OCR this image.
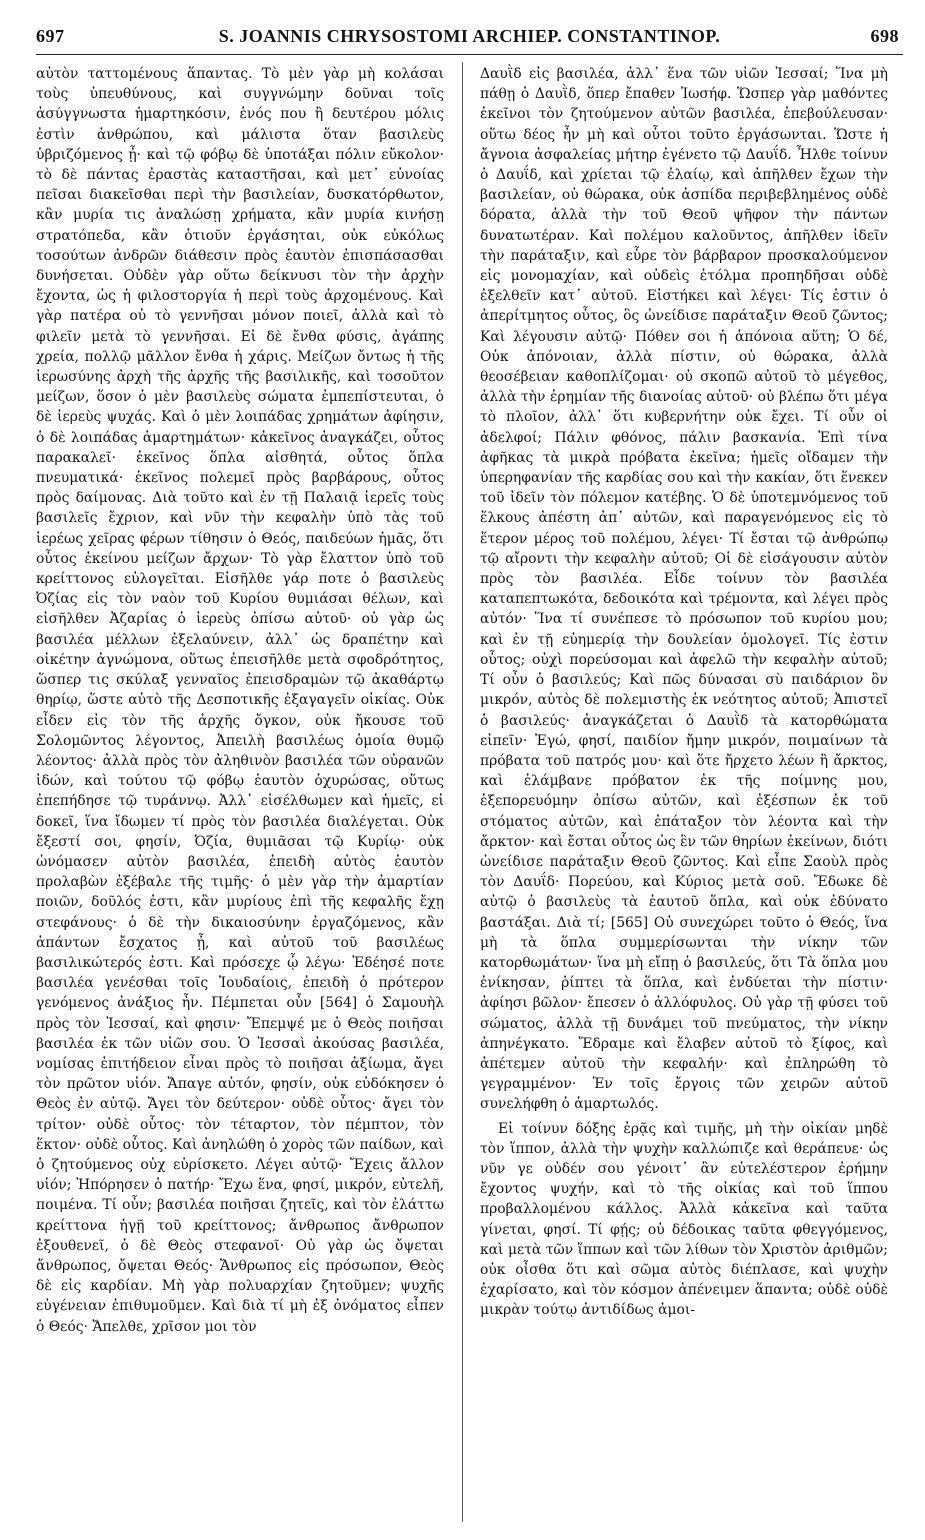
697	S. JOANNIS CHRYSOSTOMI ARCHIEP. CONSTANTINOP.	698

αὐτὸν ταττομένους ἅπαντας. Τὸ μὲν γὰρ μὴ κολάσαι τοὺς ὑπευθύνους, καὶ συγγνώμην δοῦναι τοῖς ἀσύγγνωστα ἡμαρτηκόσιν, ἑνός που ἢ δευτέρου μόλις ἐστὶν ἀνθρώπου, καὶ μάλιστα ὅταν βασιλεὺς ὑβριζόμενος ᾖ· καὶ τῷ φόβῳ δὲ ὑποτάξαι πόλιν εὔκολον· τὸ δὲ πάντας ἐραστὰς καταστῆσαι, καὶ μετ᾽ εὐνοίας πεῖσαι διακεῖσθαι περὶ τὴν βασιλείαν, δυσκατόρθωτον, κἂν μυρία τις ἀναλώσῃ χρήματα, κἂν μυρία κινήσῃ στρατόπεδα, κἂν ὁτιοῦν ἐργάσηται, οὐκ εὐκόλως τοσούτων ἀνδρῶν διάθεσιν πρὸς ἑαυτὸν ἐπισπάσασθαι δυνήσεται. Οὐδὲν γὰρ οὕτω δείκνυσι τὸν τὴν ἀρχὴν ἔχοντα, ὡς ἡ φιλοστοργία ἡ περὶ τοὺς ἀρχομένους. Καὶ γὰρ πατέρα οὐ τὸ γεννῆσαι μόνον ποιεῖ, ἀλλὰ καὶ τὸ φιλεῖν μετὰ τὸ γεννῆσαι. Εἰ δὲ ἔνθα φύσις, ἀγάπης χρεία, πολλῷ μᾶλλον ἔνθα ἡ χάρις. Μείζων ὄντως ἡ τῆς ἱερωσύνης ἀρχὴ τῆς ἀρχῆς τῆς βασιλικῆς, καὶ τοσοῦτον μείζων, ὅσον ὁ μὲν βασιλεὺς σώματα ἐμπεπίστευται, ὁ δὲ ἱερεὺς ψυχάς. Καὶ ὁ μὲν λοιπάδας χρημάτων ἀφίησιν, ὁ δὲ λοιπάδας ἁμαρτημάτων· κἀκεῖνος ἀναγκάζει, οὗτος παρακαλεῖ· ἐκεῖνος ὅπλα αἰσθητά, οὗτος ὅπλα πνευματικά· ἐκεῖνος πολεμεῖ πρὸς βαρβάρους, οὗτος πρὸς δαίμονας. Διὰ τοῦτο καὶ ἐν τῇ Παλαιᾷ ἱερεῖς τοὺς βασιλεῖς ἔχριον, καὶ νῦν τὴν κεφαλὴν ὑπὸ τὰς τοῦ ἱερέως χεῖρας φέρων τίθησιν ὁ Θεός, παιδεύων ἡμᾶς, ὅτι οὗτος ἐκείνου μείζων ἄρχων· Τὸ γὰρ ἔλαττον ὑπὸ τοῦ κρείττονος εὐλογεῖται. Εἰσῆλθε γάρ ποτε ὁ βασιλεὺς Ὀζίας εἰς τὸν ναὸν τοῦ Κυρίου θυμιάσαι θέλων, καὶ εἰσῆλθεν Ἀζαρίας ὁ ἱερεὺς ὀπίσω αὐτοῦ· οὐ γὰρ ὡς βασιλέα μέλλων ἐξελαύνειν, ἀλλ᾽ ὡς δραπέτην καὶ οἰκέτην ἀγνώμονα, οὕτως ἐπεισῆλθε μετὰ σφοδρότητος, ὥσπερ τις σκύλαξ γενναῖος ἐπεισδραμὼν τῷ ἀκαθάρτῳ θηρίῳ, ὥστε αὐτὸ τῆς Δεσποτικῆς ἐξαγαγεῖν οἰκίας. Οὐκ εἶδεν εἰς τὸν τῆς ἀρχῆς ὄγκον, οὐκ ἤκουσε τοῦ Σολομῶντος λέγοντος, Ἀπειλὴ βασιλέως ὁμοία θυμῷ λέοντος· ἀλλὰ πρὸς τὸν ἀληθινὸν βασιλέα τῶν οὐρανῶν ἰδών, καὶ τούτου τῷ φόβῳ ἑαυτὸν ὀχυρώσας, οὕτως ἐπεπήδησε τῷ τυράννῳ. Ἀλλ᾽ εἰσέλθωμεν καὶ ἡμεῖς, εἰ δοκεῖ, ἵνα ἴδωμεν τί πρὸς τὸν βασιλέα διαλέγεται. Οὐκ ἔξεστί σοι, φησίν, Ὀζία, θυμιᾶσαι τῷ Κυρίῳ· οὐκ ὠνόμασεν αὐτὸν βασιλέα, ἐπειδὴ αὐτὸς ἑαυτὸν προλαβὼν ἐξέβαλε τῆς τιμῆς· ὁ μὲν γὰρ τὴν ἁμαρτίαν ποιῶν, δοῦλός ἐστι, κἂν μυρίους ἐπὶ τῆς κεφαλῆς ἔχῃ στεφάνους· ὁ δὲ τὴν δικαιοσύνην ἐργαζόμενος, κἂν ἁπάντων ἔσχατος ᾖ, καὶ αὐτοῦ τοῦ βασιλέως βασιλικώτερός ἐστι. Καὶ πρόσεχε ᾧ λέγω· Ἐδέησέ ποτε βασιλέα γενέσθαι τοῖς Ἰουδαίοις, ἐπειδὴ ὁ πρότερον γενόμενος ἀνάξιος ἦν. Πέμπεται οὖν [564] ὁ Σαμουὴλ πρὸς τὸν Ἰεσσαί, καὶ φησιν· Ἔπεμψέ με ὁ Θεὸς ποιῆσαι βασιλέα ἐκ τῶν υἱῶν σου. Ὁ Ἰεσσαὶ ἀκούσας βασιλέα, νομίσας ἐπιτήδειον εἶναι πρὸς τὸ ποιῆσαι ἀξίωμα, ἄγει τὸν πρῶτον υἱόν. Ἄπαγε αὐτόν, φησίν, οὐκ εὐδόκησεν ὁ Θεὸς ἐν αὐτῷ. Ἄγει τὸν δεύτερον· οὐδὲ οὗτος· ἄγει τὸν τρίτον· οὐδὲ οὗτος· τὸν τέταρτον, τὸν πέμπτον, τὸν ἕκτον· οὐδὲ οὗτος. Καὶ ἀνηλώθη ὁ χορὸς τῶν παίδων, καὶ ὁ ζητούμενος οὐχ εὑρίσκετο. Λέγει αὐτῷ· Ἔχεις ἄλλον υἱόν; Ἠπόρησεν ὁ πατήρ· Ἔχω ἕνα, φησί, μικρόν, εὐτελῆ, ποιμένα. Τί οὖν; βασιλέα ποιῆσαι ζητεῖς, καὶ τὸν ἐλάττω κρείττονα ἡγῇ τοῦ κρείττονος; ἄνθρωπος ἄνθρωπον ἐξουθενεῖ, ὁ δὲ Θεὸς στεφανοῖ· Οὐ γὰρ ὡς ὄψεται ἄνθρωπος, ὄψεται Θεός· Ἄνθρωπος εἰς πρόσωπον, Θεὸς δὲ εἰς καρδίαν. Μὴ γὰρ πολυαρχίαν ζητοῦμεν; ψυχῆς εὐγένειαν ἐπιθυμοῦμεν. Καὶ διὰ τί μὴ ἐξ ὀνόματος εἶπεν ὁ Θεός· Ἄπελθε, χρῖσον μοι τὸν

Δαυῒδ εἰς βασιλέα, ἀλλ᾽ ἕνα τῶν υἱῶν Ἰεσσαί; Ἵνα μὴ πάθῃ ὁ Δαυῒδ, ὅπερ ἔπαθεν Ἰωσήφ. Ὥσπερ γὰρ μαθόντες ἐκεῖνοι τὸν ζητούμενον αὐτῶν βασιλέα, ἐπεβούλευσαν· οὕτω δέος ἦν μὴ καὶ οὗτοι τοῦτο ἐργάσωνται. Ὥστε ἡ ἄγνοια ἀσφαλείας μήτηρ ἐγένετο τῷ Δαυΐδ. Ἦλθε τοίνυν ὁ Δαυΐδ, καὶ χρίεται τῷ ἐλαίῳ, καὶ ἀπῆλθεν ἔχων τὴν βασιλείαν, οὐ θώρακα, οὐκ ἀσπίδα περιβεβλημένος οὐδὲ δόρατα, ἀλλὰ τὴν τοῦ Θεοῦ ψῆφον τὴν πάντων δυνατωτέραν. Καὶ πολέμου καλοῦντος, ἀπῆλθεν ἰδεῖν τὴν παράταξιν, καὶ εὗρε τὸν βάρβαρον προσκαλούμενον εἰς μονομαχίαν, καὶ οὐδεὶς ἐτόλμα προπηδῆσαι οὐδὲ ἐξελθεῖν κατ᾽ αὐτοῦ. Εἰστήκει καὶ λέγει· Τίς ἐστιν ὁ ἀπερίτμητος οὗτος, ὃς ὠνείδισε παράταξιν Θεοῦ ζῶντος; Καὶ λέγουσιν αὐτῷ· Πόθεν σοι ἡ ἀπόνοια αὕτη; Ὁ δέ, Οὐκ ἀπόνοιαν, ἀλλὰ πίστιν, οὐ θώρακα, ἀλλὰ θεοσέβειαν καθοπλίζομαι· οὐ σκοπῶ αὐτοῦ τὸ μέγεθος, ἀλλὰ τὴν ἐρημίαν τῆς διανοίας αὐτοῦ· οὐ βλέπω ὅτι μέγα τὸ πλοῖον, ἀλλ᾽ ὅτι κυβερνήτην οὐκ ἔχει. Τί οὖν οἱ ἀδελφοί; Πάλιν φθόνος, πάλιν βασκανία. Ἐπὶ τίνα ἀφῆκας τὰ μικρὰ πρόβατα ἐκεῖνα; ἡμεῖς οἴδαμεν τὴν ὑπερηφανίαν τῆς καρδίας σου καὶ τὴν κακίαν, ὅτι ἕνεκεν τοῦ ἰδεῖν τὸν πόλεμον κατέβης. Ὁ δὲ ὑποτεμνόμενος τοῦ ἕλκους ἀπέστη ἀπ᾽ αὐτῶν, καὶ παραγενόμενος εἰς τὸ ἕτερον μέρος τοῦ πολέμου, λέγει· Τί ἔσται τῷ ἀνθρώπῳ τῷ αἴροντι τὴν κεφαλὴν αὐτοῦ; Οἱ δὲ εἰσάγουσιν αὐτὸν πρὸς τὸν βασιλέα. Εἶδε τοίνυν τὸν βασιλέα καταπεπτωκότα, δεδοικότα καὶ τρέμοντα, καὶ λέγει πρὸς αὐτόν· Ἵνα τί συνέπεσε τὸ πρόσωπον τοῦ κυρίου μου; καὶ ἐν τῇ εὐημερίᾳ τὴν δουλείαν ὁμολογεῖ. Τίς ἐστιν οὗτος; οὐχὶ πορεύσομαι καὶ ἀφελῶ τὴν κεφαλὴν αὐτοῦ; Τί οὖν ὁ βασιλεύς; Καὶ πῶς δύνασαι σὺ παιδάριον ὂν μικρόν, αὐτὸς δὲ πολεμιστὴς ἐκ νεότητος αὐτοῦ; Ἀπιστεῖ ὁ βασιλεύς· ἀναγκάζεται ὁ Δαυῒδ τὰ κατορθώματα εἰπεῖν· Ἐγώ, φησί, παιδίον ἤμην μικρόν, ποιμαίνων τὰ πρόβατα τοῦ πατρός μου· καὶ ὅτε ἤρχετο λέων ἢ ἄρκτος, καὶ ἐλάμβανε πρόβατον ἐκ τῆς ποίμνης μου, ἐξεπορευόμην ὀπίσω αὐτῶν, καὶ ἐξέσπων ἐκ τοῦ στόματος αὐτῶν, καὶ ἐπάταξον τὸν λέοντα καὶ τὴν ἄρκτον· καὶ ἔσται οὗτος ὡς ἓν τῶν θηρίων ἐκείνων, διότι ὠνείδισε παράταξιν Θεοῦ ζῶντος. Καὶ εἶπε Σαοὺλ πρὸς τὸν Δαυΐδ· Πορεύου, καὶ Κύριος μετὰ σοῦ. Ἔδωκε δὲ αὐτῷ ὁ βασιλεὺς τὰ ἑαυτοῦ ὅπλα, καὶ οὐκ ἐδύνατο βαστάξαι. Διὰ τί; [565] Οὐ συνεχώρει τοῦτο ὁ Θεός, ἵνα μὴ τὰ ὅπλα συμμερίσωνται τὴν νίκην τῶν κατορθωμάτων· ἵνα μὴ εἴπῃ ὁ βασιλεύς, ὅτι Τὰ ὅπλα μου ἐνίκησαν, ῥίπτει τὰ ὅπλα, καὶ ἐνδύεται τὴν πίστιν· ἀφίησι βῶλον· ἔπεσεν ὁ ἀλλόφυλος. Οὐ γὰρ τῇ φύσει τοῦ σώματος, ἀλλὰ τῇ δυνάμει τοῦ πνεύματος, τὴν νίκην ἀπηνέγκατο. Ἔδραμε καὶ ἔλαβεν αὐτοῦ τὸ ξίφος, καὶ ἀπέτεμεν αὐτοῦ τὴν κεφαλήν· καὶ ἐπληρώθη τὸ γεγραμμένον· Ἐν τοῖς ἔργοις τῶν χειρῶν αὐτοῦ συνελήφθη ὁ ἁμαρτωλός.

Εἰ τοίνυν δόξης ἐρᾷς καὶ τιμῆς, μὴ τὴν οἰκίαν μηδὲ τὸν ἵππον, ἀλλὰ τὴν ψυχὴν καλλώπιζε καὶ θεράπευε· ὡς νῦν γε οὐδέν σου γένοιτ᾽ ἂν εὐτελέστερον ἐρήμην ἔχοντος ψυχήν, καὶ τὸ τῆς οἰκίας καὶ τοῦ ἵππου προβαλλομένου κάλλος. Ἀλλὰ κἀκεῖνα καὶ ταῦτα γίνεται, φησί. Τί φῄς; οὐ δέδοικας ταῦτα φθεγγόμενος, καὶ μετὰ τῶν ἵππων καὶ τῶν λίθων τὸν Χριστὸν ἀριθμῶν; οὐκ οἶσθα ὅτι καὶ σῶμα αὐτὸς διέπλασε, καὶ ψυχὴν ἐχαρίσατο, καὶ τὸν κόσμον ἀπένειμεν ἅπαντα; οὐδὲ οὐδὲ μικρὰν τούτῳ ἀντιδίδως ἀμοι-
